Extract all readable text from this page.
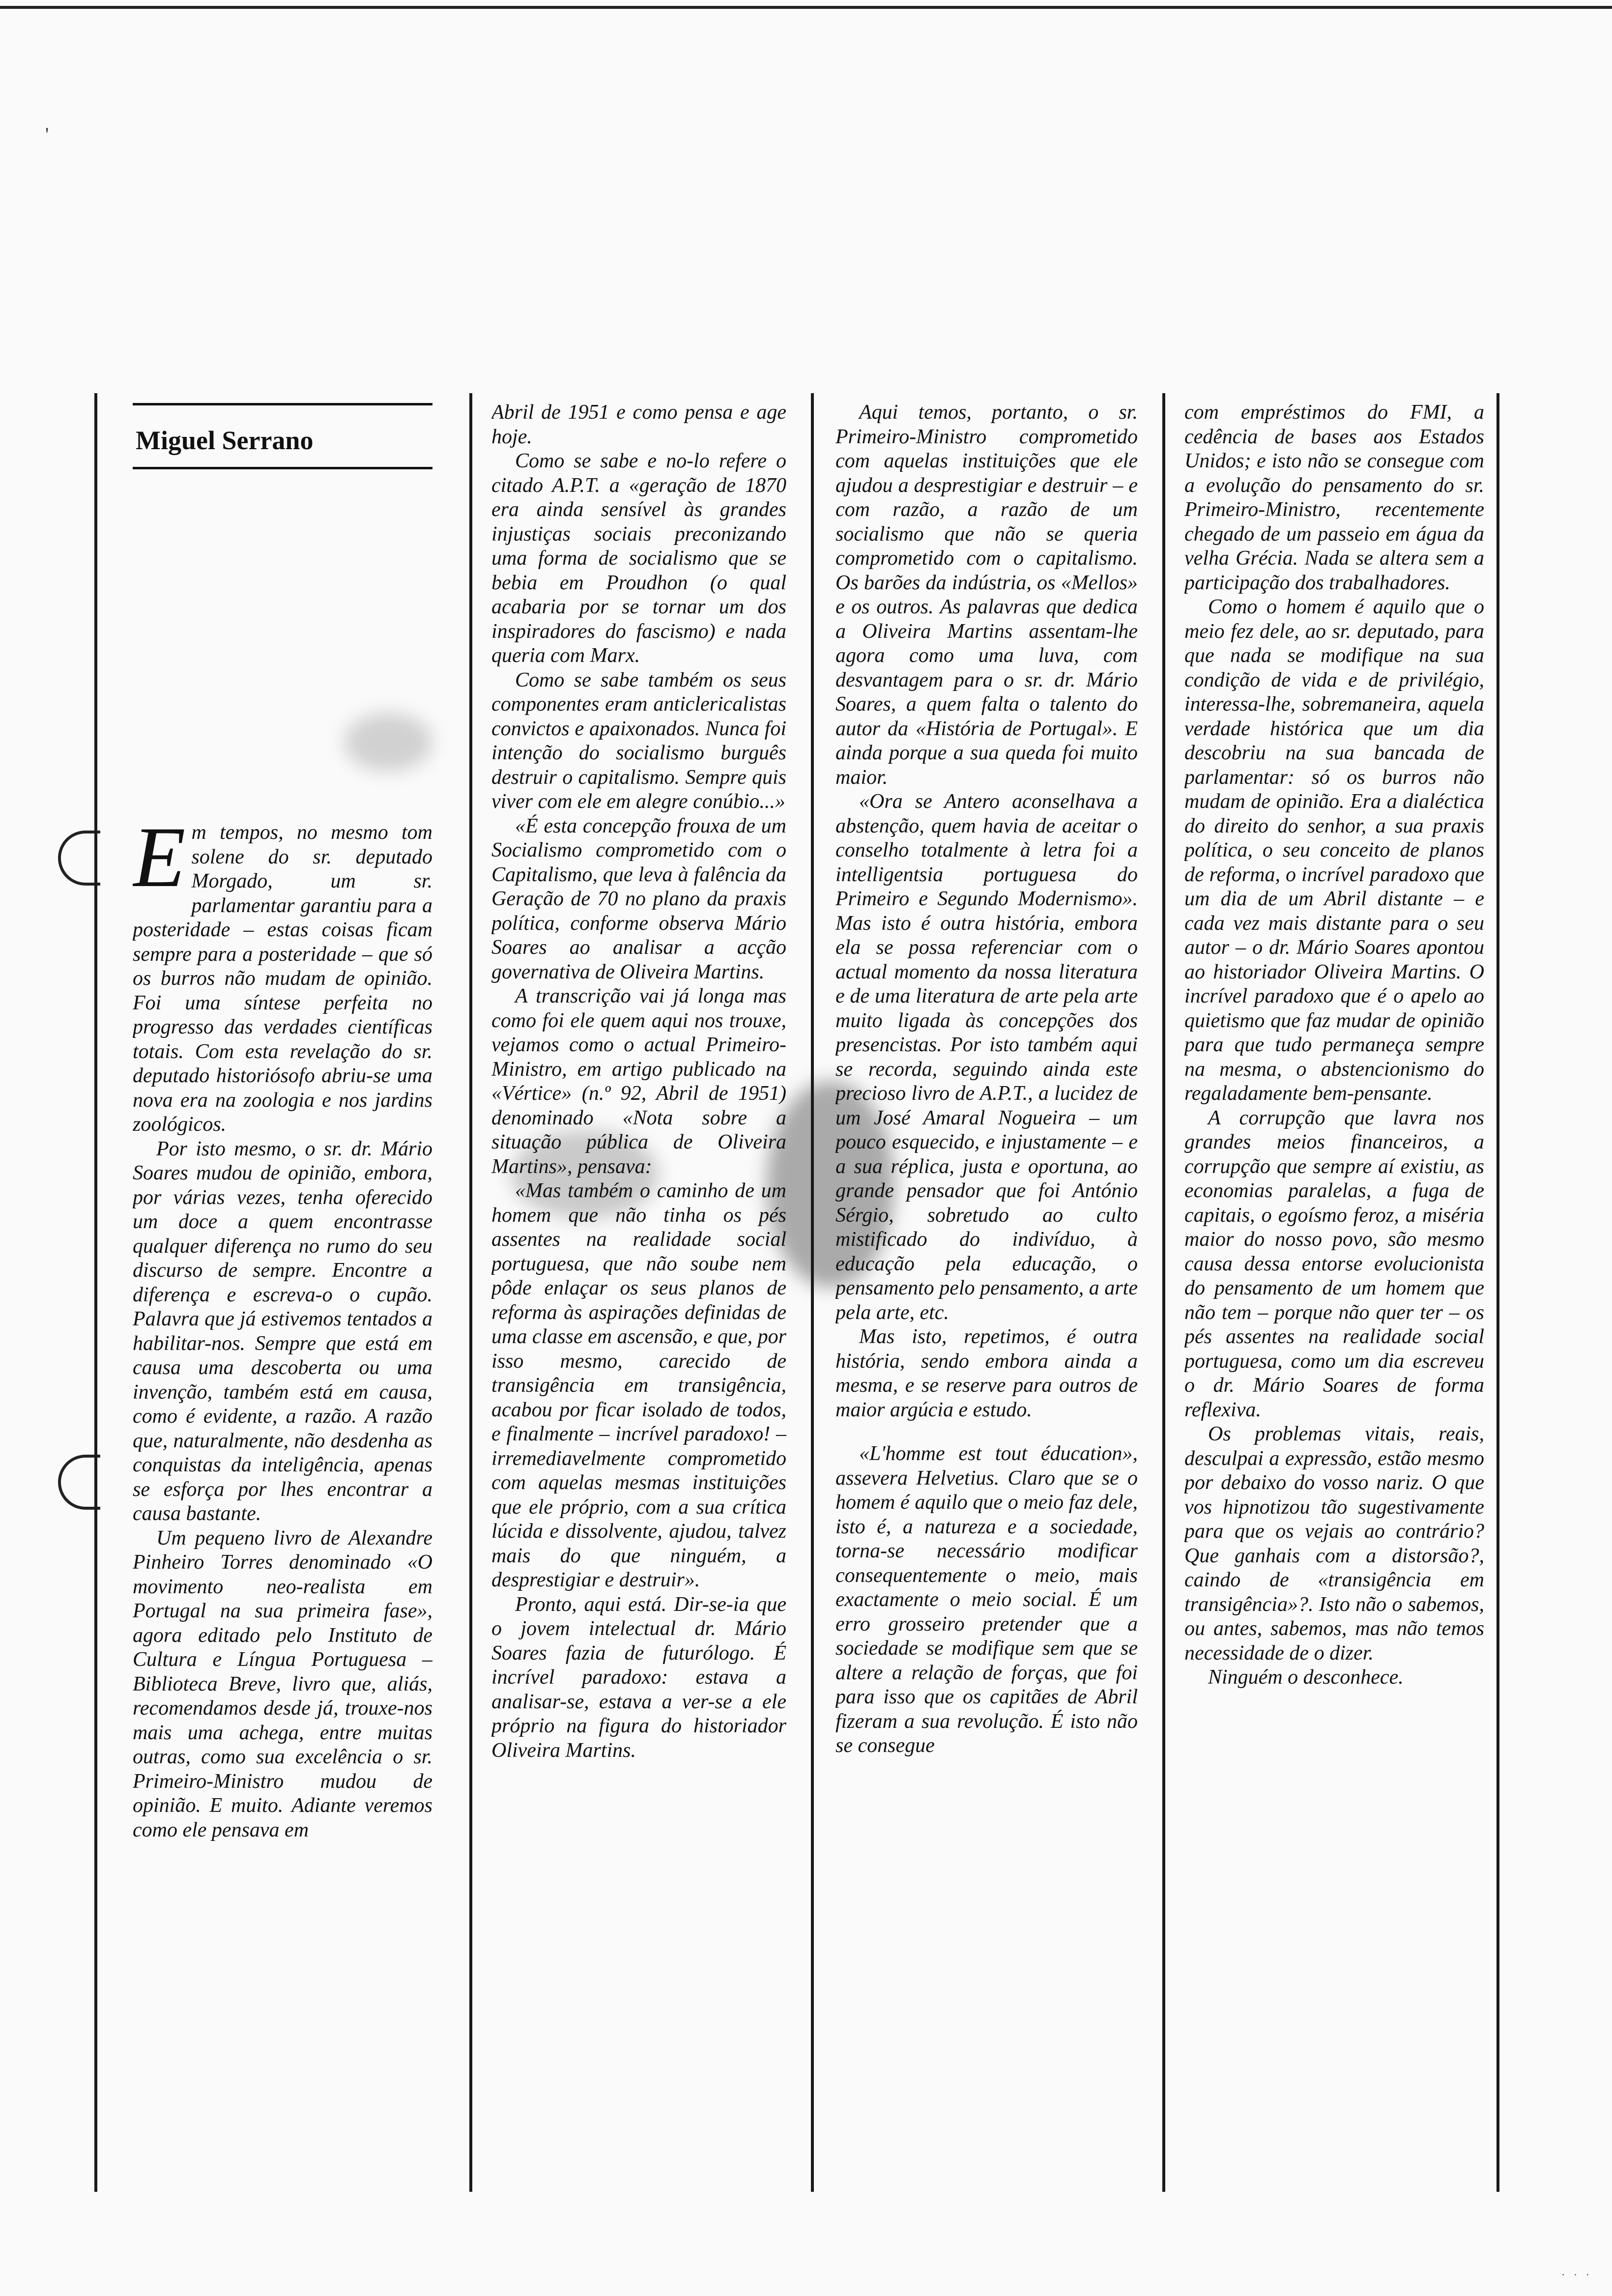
'
Miguel Serrano

Em tempos, no mesmo tom solene do sr. deputado Morgado, um sr. parlamentar garantiu para a posteridade – estas coisas ficam sempre para a posteridade – que só os burros não mudam de opinião. Foi uma síntese perfeita no progresso das verdades científicas totais. Com esta revelação do sr. deputado historiósofo abriu-se uma nova era na zoologia e nos jardins zoológicos.

Por isto mesmo, o sr. dr. Mário Soares mudou de opinião, embora, por várias vezes, tenha oferecido um doce a quem encontrasse qualquer diferença no rumo do seu discurso de sempre. Encontre a diferença e escreva-o o cupão. Palavra que já estivemos tentados a habilitar-nos. Sempre que está em causa uma descoberta ou uma invenção, também está em causa, como é evidente, a razão. A razão que, naturalmente, não desdenha as conquistas da inteligência, apenas se esforça por lhes encontrar a causa bastante.

Um pequeno livro de Alexandre Pinheiro Torres denominado «O movimento neo-realista em Portugal na sua primeira fase», agora editado pelo Instituto de Cultura e Língua Portuguesa – Biblioteca Breve, livro que, aliás, recomendamos desde já, trouxe-nos mais uma achega, entre muitas outras, como sua excelência o sr. Primeiro-Ministro mudou de opinião. E muito. Adiante veremos como ele pensava em

Abril de 1951 e como pensa e age hoje.

Como se sabe e no-lo refere o citado A.P.T. a «geração de 1870 era ainda sensível às grandes injustiças sociais preconizando uma forma de socialismo que se bebia em Proudhon (o qual acabaria por se tornar um dos inspiradores do fascismo) e nada queria com Marx.

Como se sabe também os seus componentes eram anticlericalistas convictos e apaixonados. Nunca foi intenção do socialismo burguês destruir o capitalismo. Sempre quis viver com ele em alegre conúbio...»

«É esta concepção frouxa de um Socialismo comprometido com o Capitalismo, que leva à falência da Geração de 70 no plano da praxis política, conforme observa Mário Soares ao analisar a acção governativa de Oliveira Martins.

A transcrição vai já longa mas como foi ele quem aqui nos trouxe, vejamos como o actual Primeiro-Ministro, em artigo publicado na «Vértice» (n.º 92, Abril de 1951) denominado «Nota sobre a situação pública de Oliveira Martins», pensava:

«Mas também o caminho de um homem que não tinha os pés assentes na realidade social portuguesa, que não soube nem pôde enlaçar os seus planos de reforma às aspirações definidas de uma classe em ascensão, e que, por isso mesmo, carecido de transigência em transigência, acabou por ficar isolado de todos, e finalmente – incrível paradoxo! – irremediavelmente comprometido com aquelas mesmas instituições que ele próprio, com a sua crítica lúcida e dissolvente, ajudou, talvez mais do que ninguém, a desprestigiar e destruir».

Pronto, aqui está. Dir-se-ia que o jovem intelectual dr. Mário Soares fazia de futurólogo. É incrível paradoxo: estava a analisar-se, estava a ver-se a ele próprio na figura do historiador Oliveira Martins.

Aqui temos, portanto, o sr. Primeiro-Ministro comprometido com aquelas instituições que ele ajudou a desprestigiar e destruir – e com razão, a razão de um socialismo que não se queria comprometido com o capitalismo. Os barões da indústria, os «Mellos» e os outros. As palavras que dedica a Oliveira Martins assentam-lhe agora como uma luva, com desvantagem para o sr. dr. Mário Soares, a quem falta o talento do autor da «História de Portugal». E ainda porque a sua queda foi muito maior.

«Ora se Antero aconselhava a abstenção, quem havia de aceitar o conselho totalmente à letra foi a intelligentsia portuguesa do Primeiro e Segundo Modernismo». Mas isto é outra história, embora ela se possa referenciar com o actual momento da nossa literatura e de uma literatura de arte pela arte muito ligada às concepções dos presencistas. Por isto também aqui se recorda, seguindo ainda este precioso livro de A.P.T., a lucidez de um José Amaral Nogueira – um pouco esquecido, e injustamente – e a sua réplica, justa e oportuna, ao grande pensador que foi António Sérgio, sobretudo ao culto mistificado do indivíduo, à educação pela educação, o pensamento pelo pensamento, a arte pela arte, etc.

Mas isto, repetimos, é outra história, sendo embora ainda a mesma, e se reserve para outros de maior argúcia e estudo.

«L'homme est tout éducation», assevera Helvetius. Claro que se o homem é aquilo que o meio faz dele, isto é, a natureza e a sociedade, torna-se necessário modificar consequentemente o meio, mais exactamente o meio social. É um erro grosseiro pretender que a sociedade se modifique sem que se altere a relação de forças, que foi para isso que os capitães de Abril fizeram a sua revolução. É isto não se consegue

com empréstimos do FMI, a cedência de bases aos Estados Unidos; e isto não se consegue com a evolução do pensamento do sr. Primeiro-Ministro, recentemente chegado de um passeio em água da velha Grécia. Nada se altera sem a participação dos trabalhadores.

Como o homem é aquilo que o meio fez dele, ao sr. deputado, para que nada se modifique na sua condição de vida e de privilégio, interessa-lhe, sobremaneira, aquela verdade histórica que um dia descobriu na sua bancada de parlamentar: só os burros não mudam de opinião. Era a dialéctica do direito do senhor, a sua praxis política, o seu conceito de planos de reforma, o incrível paradoxo que um dia de um Abril distante – e cada vez mais distante para o seu autor – o dr. Mário Soares apontou ao historiador Oliveira Martins. O incrível paradoxo que é o apelo ao quietismo que faz mudar de opinião para que tudo permaneça sempre na mesma, o abstencionismo do regaladamente bem-pensante.

A corrupção que lavra nos grandes meios financeiros, a corrupção que sempre aí existiu, as economias paralelas, a fuga de capitais, o egoísmo feroz, a miséria maior do nosso povo, são mesmo causa dessa entorse evolucionista do pensamento de um homem que não tem – porque não quer ter – os pés assentes na realidade social portuguesa, como um dia escreveu o dr. Mário Soares de forma reflexiva.

Os problemas vitais, reais, desculpai a expressão, estão mesmo por debaixo do vosso nariz. O que vos hipnotizou tão sugestivamente para que os vejais ao contrário? Que ganhais com a distorsão?, caindo de «transigência em transigência»?. Isto não o sabemos, ou antes, sabemos, mas não temos necessidade de o dizer.

Ninguém o desconhece.

· · ·
